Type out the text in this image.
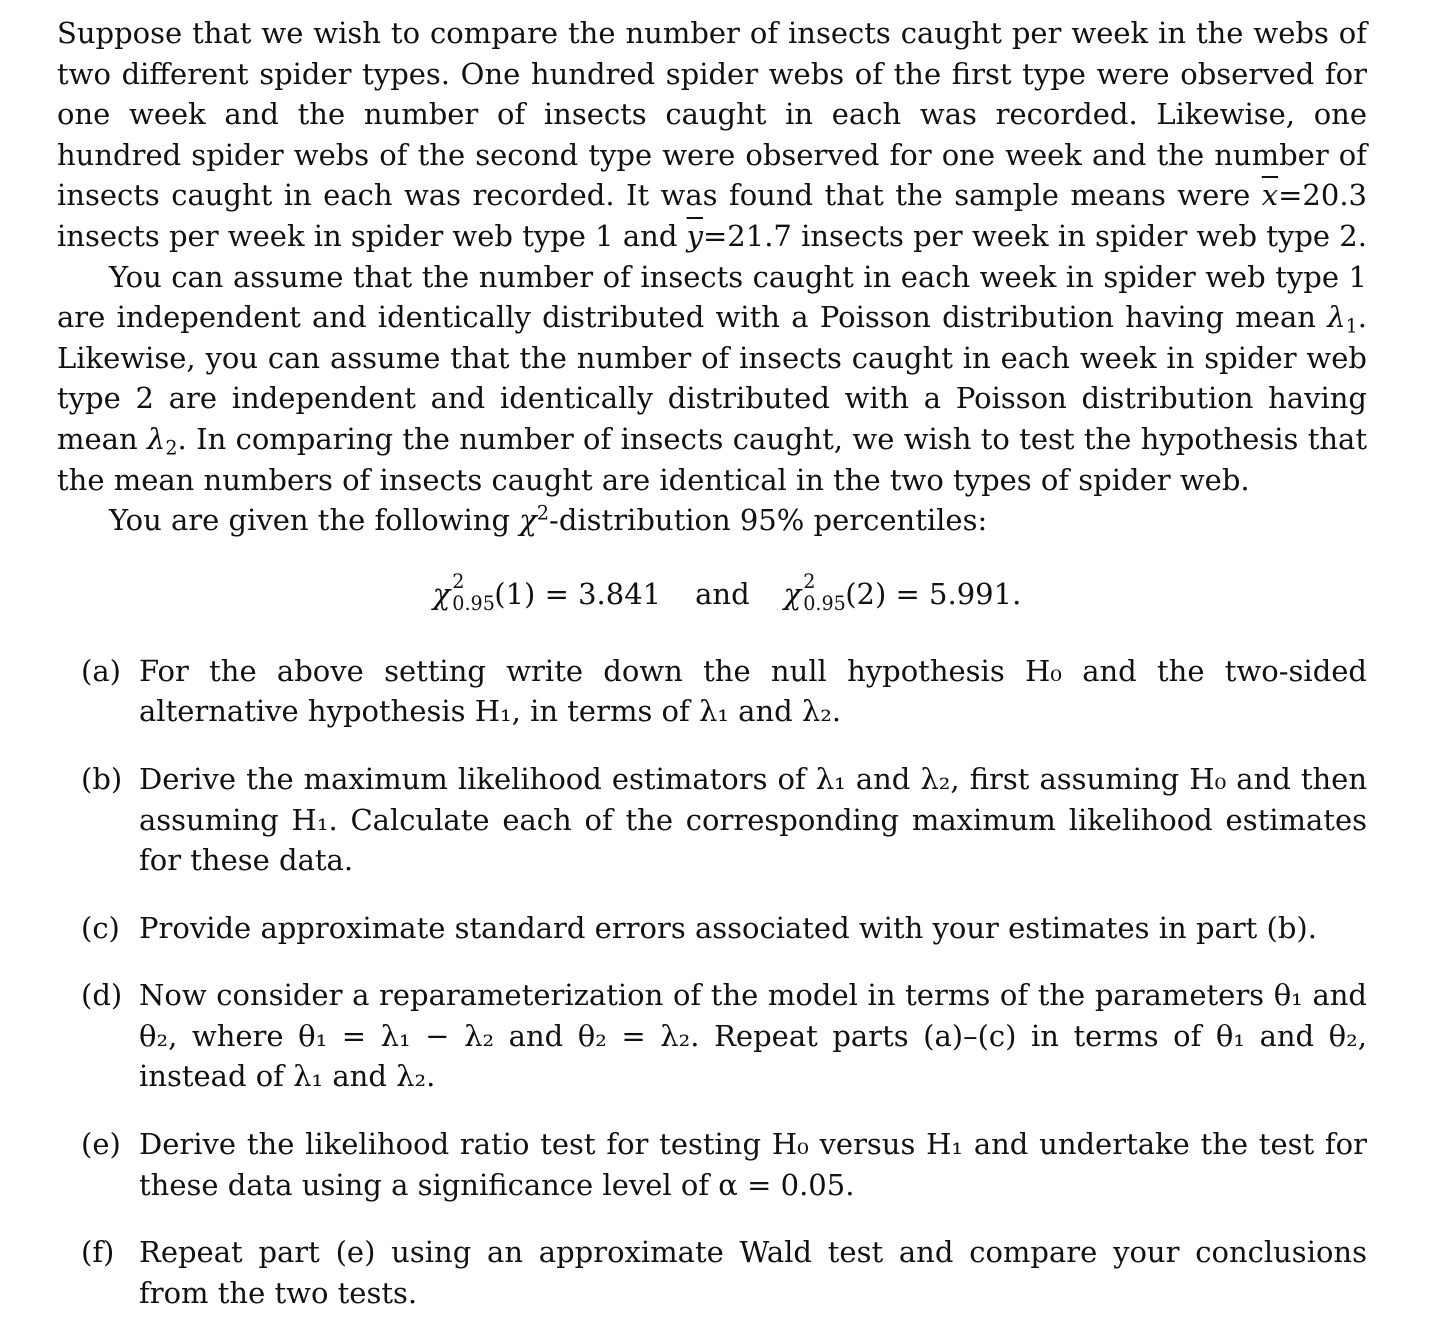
Suppose that we wish to compare the number of insects caught per week in the webs of two different spider types. One hundred spider webs of the first type were observed for one week and the number of insects caught in each was recorded. Likewise, one hundred spider webs of the second type were observed for one week and the number of insects caught in each was recorded. It was found that the sample means were $\overline{x}=20.3$ insects per week in spider web type 1 and $\overline{y}=21.7$ insects per week in spider web type 2.

You can assume that the number of insects caught in each week in spider web type 1 are independent and identically distributed with a Poisson distribution having mean $\lambda_1$. Likewise, you can assume that the number of insects caught in each week in spider web type 2 are independent and identically distributed with a Poisson distribution having mean $\lambda_2$. In comparing the number of insects caught, we wish to test the hypothesis that the mean numbers of insects caught are identical in the two types of spider web.

You are given the following $\chi^2$-distribution 95% percentiles:

χ 2
0.95 (1) = 3.841 and χ 2
0.95 (2) = 5.991.
(a) For the above setting write down the null hypothesis H₀ and the two-sided alternative hypothesis H₁, in terms of λ₁ and λ₂.
(b) Derive the maximum likelihood estimators of λ₁ and λ₂, first assuming H₀ and then assuming H₁. Calculate each of the corresponding maximum likelihood estimates for these data.
(c) Provide approximate standard errors associated with your estimates in part (b).
(d) Now consider a reparameterization of the model in terms of the parameters θ₁ and θ₂, where θ₁ = λ₁ − λ₂ and θ₂ = λ₂. Repeat parts (a)–(c) in terms of θ₁ and θ₂, instead of λ₁ and λ₂.
(e) Derive the likelihood ratio test for testing H₀ versus H₁ and undertake the test for these data using a significance level of α = 0.05.
(f) Repeat part (e) using an approximate Wald test and compare your conclusions from the two tests.
